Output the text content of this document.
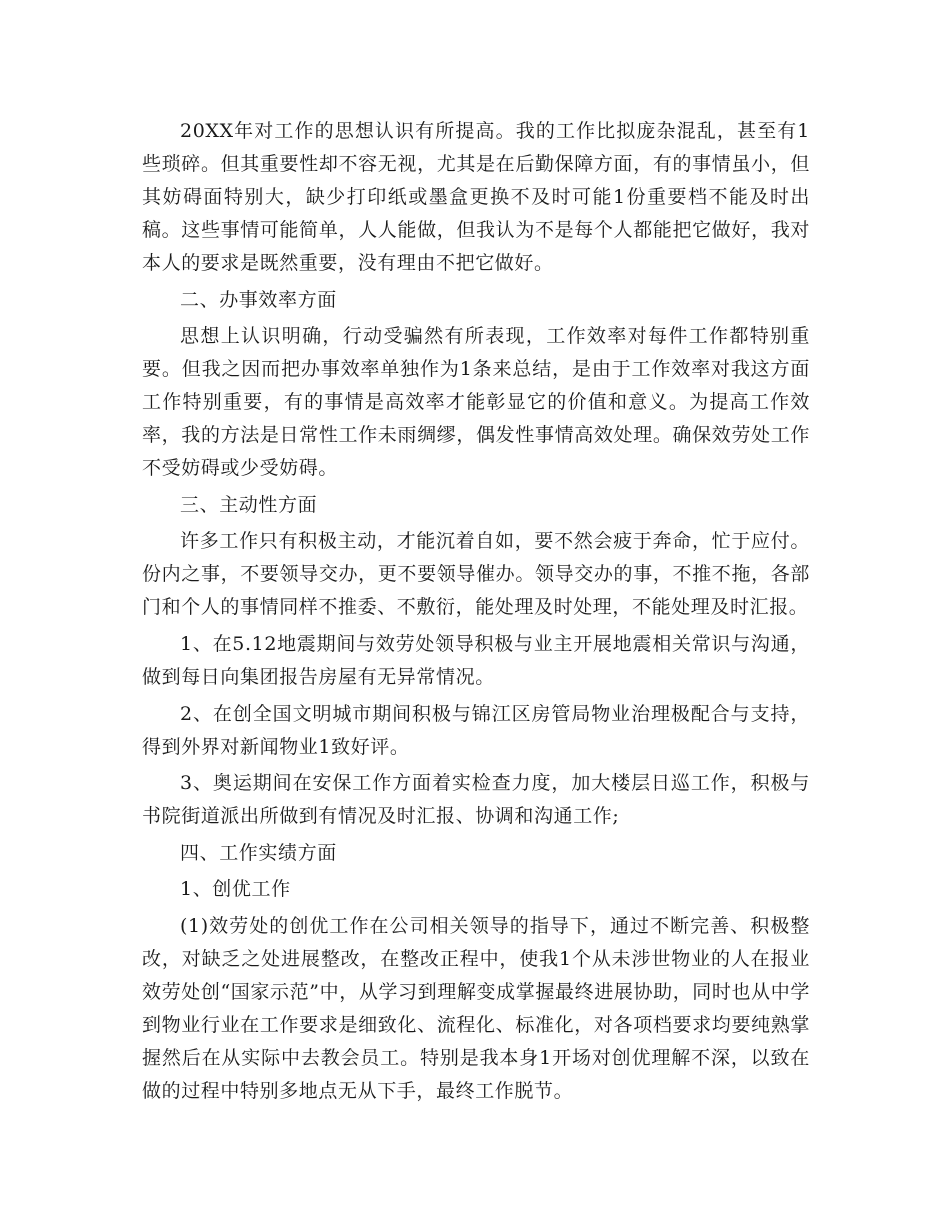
20XX年对工作的思想认识有所提高。我的工作比拟庞杂混乱，甚至有1些琐碎。但其重要性却不容无视，尤其是在后勤保障方面，有的事情虽小，但其妨碍面特别大，缺少打印纸或墨盒更换不及时可能1份重要档不能及时出稿。这些事情可能简单，人人能做，但我认为不是每个人都能把它做好，我对本人的要求是既然重要，没有理由不把它做好。

二、办事效率方面

思想上认识明确，行动受骗然有所表现，工作效率对每件工作都特别重要。但我之因而把办事效率单独作为1条来总结，是由于工作效率对我这方面工作特别重要，有的事情是高效率才能彰显它的价值和意义。为提高工作效率，我的方法是日常性工作未雨绸缪，偶发性事情高效处理。确保效劳处工作不受妨碍或少受妨碍。

三、主动性方面

许多工作只有积极主动，才能沉着自如，要不然会疲于奔命，忙于应付。份内之事，不要领导交办，更不要领导催办。领导交办的事，不推不拖，各部门和个人的事情同样不推委、不敷衍，能处理及时处理，不能处理及时汇报。

1、在5.12地震期间与效劳处领导积极与业主开展地震相关常识与沟通，做到每日向集团报告房屋有无异常情况。

2、在创全国文明城市期间积极与锦江区房管局物业治理极配合与支持，得到外界对新闻物业1致好评。

3、奥运期间在安保工作方面着实检查力度，加大楼层日巡工作，积极与书院街道派出所做到有情况及时汇报、协调和沟通工作;

四、工作实绩方面

1、创优工作

(1)效劳处的创优工作在公司相关领导的指导下，通过不断完善、积极整改，对缺乏之处进展整改，在整改正程中，使我1个从未涉世物业的人在报业效劳处创“国家示范”中，从学习到理解变成掌握最终进展协助，同时也从中学到物业行业在工作要求是细致化、流程化、标准化，对各项档要求均要纯熟掌握然后在从实际中去教会员工。特别是我本身1开场对创优理解不深，以致在做的过程中特别多地点无从下手，最终工作脱节。
